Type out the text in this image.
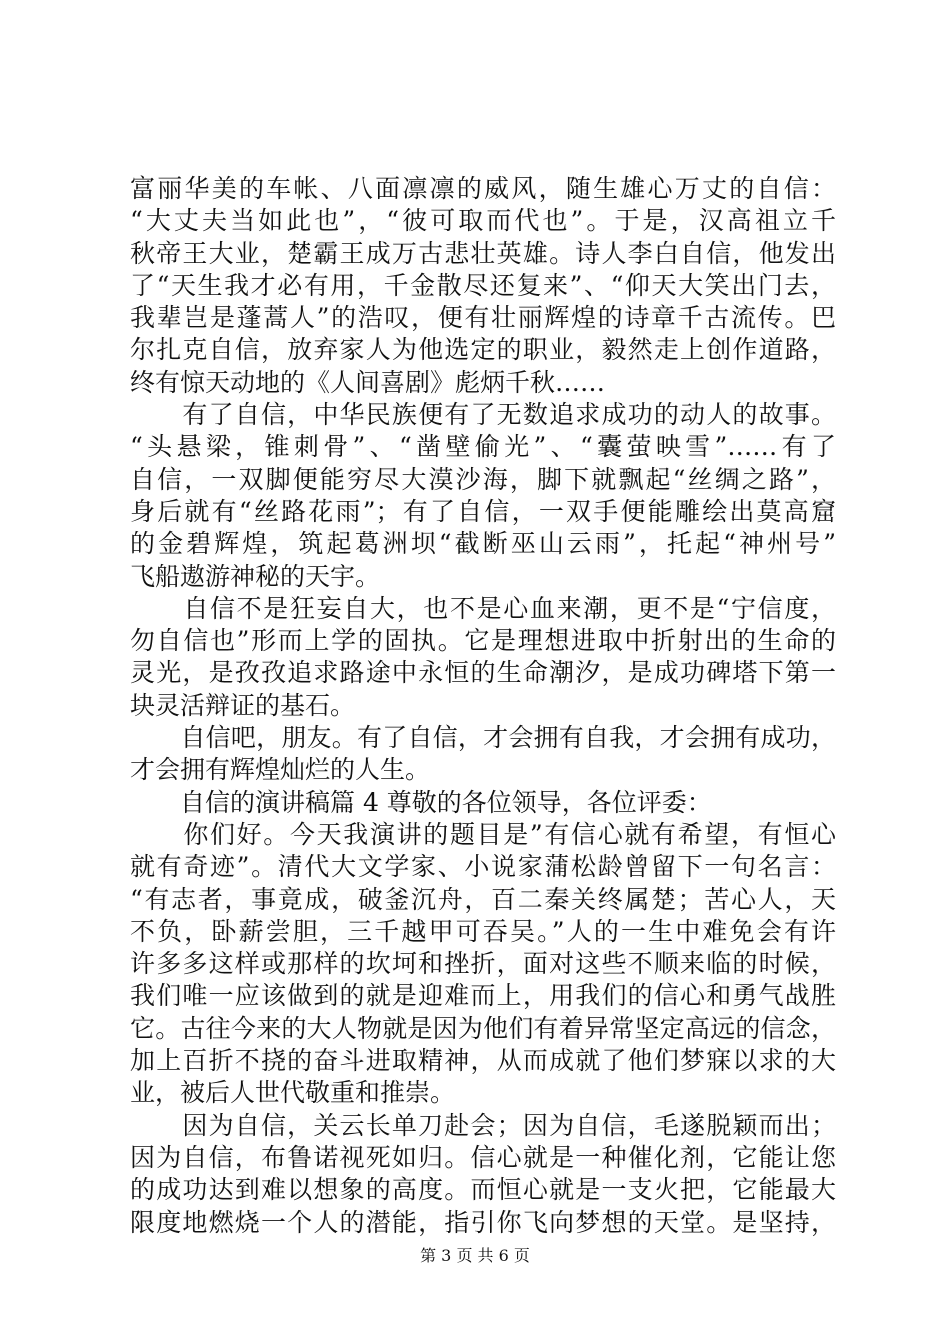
富丽华美的车帐、八面凛凛的威风，随生雄心万丈的自信：
“大丈夫当如此也”，“彼可取而代也”。于是，汉高祖立千
秋帝王大业，楚霸王成万古悲壮英雄。诗人李白自信，他发出
了“天生我才必有用，千金散尽还复来”、“仰天大笑出门去，
我辈岂是蓬蒿人”的浩叹，便有壮丽辉煌的诗章千古流传。巴
尔扎克自信，放弃家人为他选定的职业，毅然走上创作道路，
终有惊天动地的《人间喜剧》彪炳千秋……
　　有了自信，中华民族便有了无数追求成功的动人的故事。
“头悬梁，锥刺骨”、“凿壁偷光”、“囊萤映雪”……有了
自信，一双脚便能穷尽大漠沙海，脚下就飘起“丝绸之路”，
身后就有“丝路花雨”；有了自信，一双手便能雕绘出莫高窟
的金碧辉煌，筑起葛洲坝“截断巫山云雨”，托起“神州号”
飞船遨游神秘的天宇。
　　自信不是狂妄自大，也不是心血来潮，更不是“宁信度，
勿自信也”形而上学的固执。它是理想进取中折射出的生命的
灵光，是孜孜追求路途中永恒的生命潮汐，是成功碑塔下第一
块灵活辩证的基石。
　　自信吧，朋友。有了自信，才会拥有自我，才会拥有成功，
才会拥有辉煌灿烂的人生。
　　自信的演讲稿篇 4 尊敬的各位领导，各位评委：
　　你们好。今天我演讲的题目是”有信心就有希望，有恒心
就有奇迹”。清代大文学家、小说家蒲松龄曾留下一句名言：
“有志者，事竟成，破釜沉舟，百二秦关终属楚；苦心人，天
不负，卧薪尝胆，三千越甲可吞吴。”人的一生中难免会有许
许多多这样或那样的坎坷和挫折，面对这些不顺来临的时候，
我们唯一应该做到的就是迎难而上，用我们的信心和勇气战胜
它。古往今来的大人物就是因为他们有着异常坚定高远的信念，
加上百折不挠的奋斗进取精神，从而成就了他们梦寐以求的大
业，被后人世代敬重和推崇。
　　因为自信，关云长单刀赴会；因为自信，毛遂脱颖而出；
因为自信，布鲁诺视死如归。信心就是一种催化剂，它能让您
的成功达到难以想象的高度。而恒心就是一支火把，它能最大
限度地燃烧一个人的潜能，指引你飞向梦想的天堂。是坚持，
第 3 页 共 6 页
